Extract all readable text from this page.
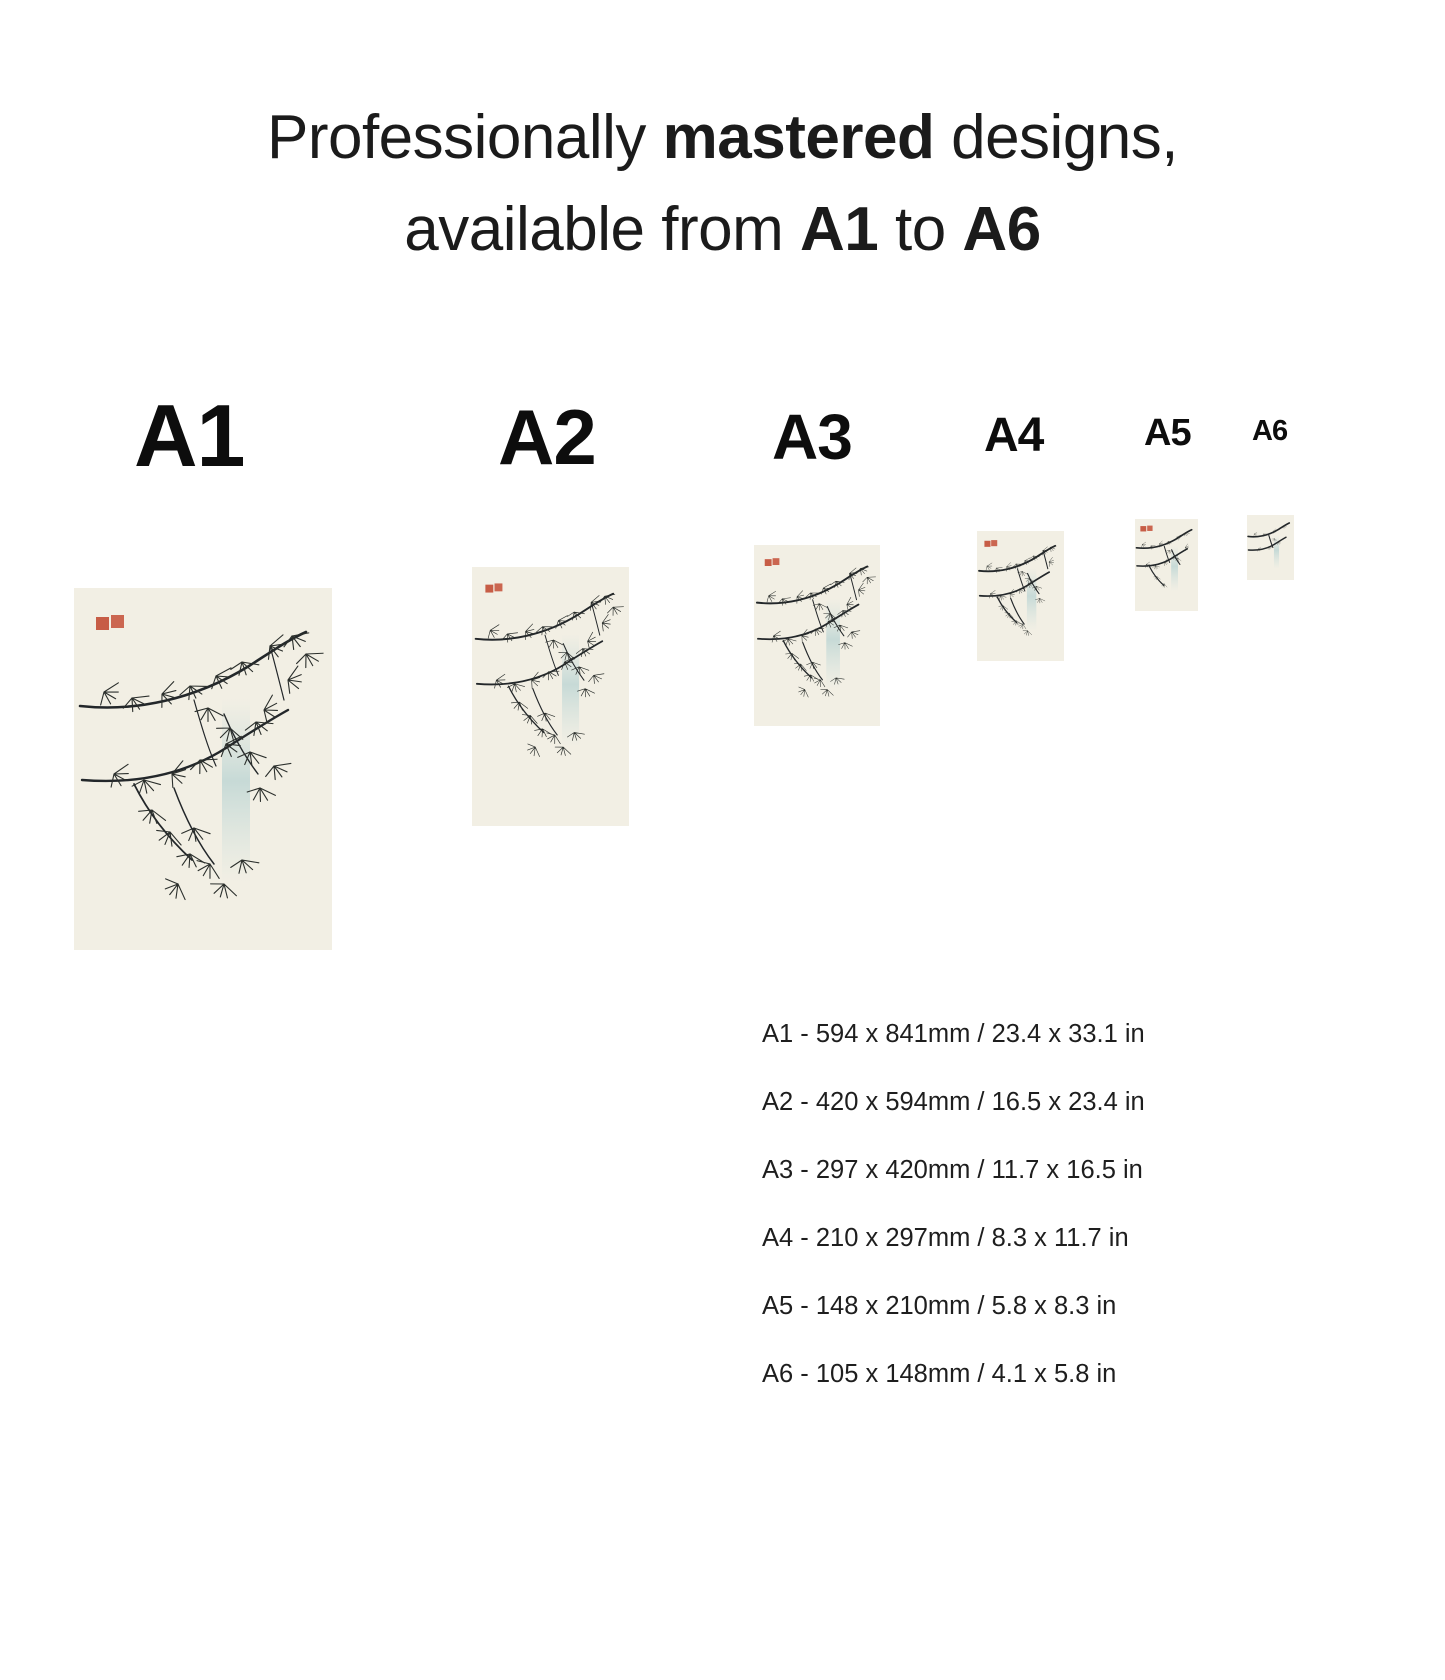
Professionally mastered designs,
available from A1 to A6
A1	A2	A3	A4	A5 A6
A1 - 594 x 841mm / 23.4 x 33.1 in
A2 - 420 x 594mm / 16.5 x 23.4 in
A3 - 297 x 420mm / 11.7 x 16.5 in
A4 - 210 x 297mm / 8.3 x 11.7 in
A5 - 148 x 210mm / 5.8 x 8.3 in
A6 - 105 x 148mm / 4.1 x 5.8 in
